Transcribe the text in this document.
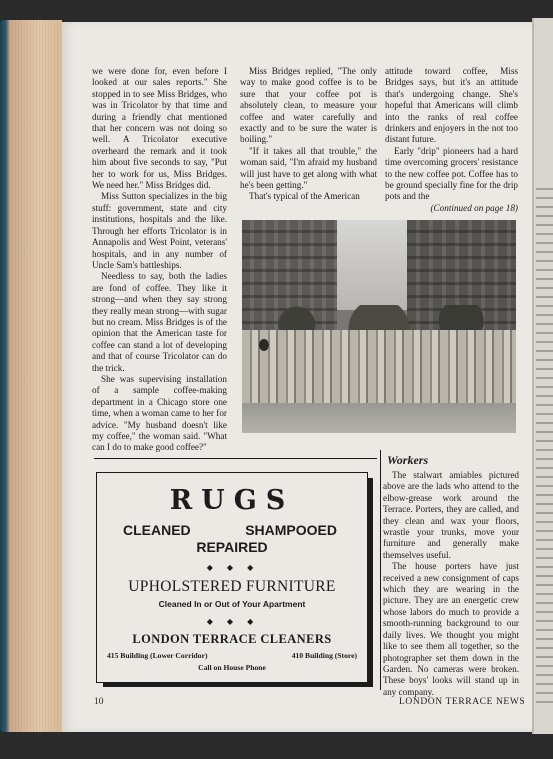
we were done for, even before I looked at our sales reports." She stopped in to see Miss Bridges, who was in Tricolator by that time and during a friendly chat mentioned that her concern was not doing so well. A Tricolator executive overheard the remark and it took him about five seconds to say, "Put her to work for us, Miss Bridges. We need her." Miss Bridges did.

Miss Sutton specializes in the big stuff: government, state and city institutions, hospitals and the like. Through her efforts Tricolator is in Annapolis and West Point, veterans' hospitals, and in any number of Uncle Sam's battleships.

Needless to say, both the ladies are fond of coffee. They like it strong—and when they say strong they really mean strong—with sugar but no cream. Miss Bridges is of the opinion that the American taste for coffee can stand a lot of developing and that of course Tricolator can do the trick.

She was supervising installation of a sample coffee-making department in a Chicago store one time, when a woman came to her for advice. "My husband doesn't like my coffee," the woman said. "What can I do to make good coffee?"

Miss Bridges replied, "The only way to make good coffee is to be sure that your coffee pot is absolutely clean, to measure your coffee and water carefully and exactly and to be sure the water is boiling."

"If it takes all that trouble," the woman said, "I'm afraid my husband will just have to get along with what he's been getting."

That's typical of the American

attitude toward coffee, Miss Bridges says, but it's an attitude that's undergoing change. She's hopeful that Americans will climb into the ranks of real coffee drinkers and enjoyers in the not too distant future.

Early "drip" pioneers had a hard time overcoming grocers' resistance to the new coffee pot. Coffee has to be ground specially fine for the drip pots and the

(Continued on page 18)

RUGS
CLEANED	SHAMPOOED
REPAIRED
◆◆◆
UPHOLSTERED FURNITURE
Cleaned In or Out of Your Apartment
◆◆◆
LONDON TERRACE CLEANERS
415 Building (Lower Corridor)	410 Building (Store)
Call on House Phone
Workers

The stalwart amiables pictured above are the lads who attend to the elbow-grease work around the Terrace. Porters, they are called, and they clean and wax your floors, wrastle your trunks, move your furniture and generally make themselves useful.

The house porters have just received a new consignment of caps which they are wearing in the picture. They are an energetic crew whose labors do much to provide a smooth-running background to our daily lives. We thought you might like to see them all together, so the photographer set them down in the Garden. No cameras were broken. These boys' looks will stand up in any company.

10	LONDON TERRACE NEWS
